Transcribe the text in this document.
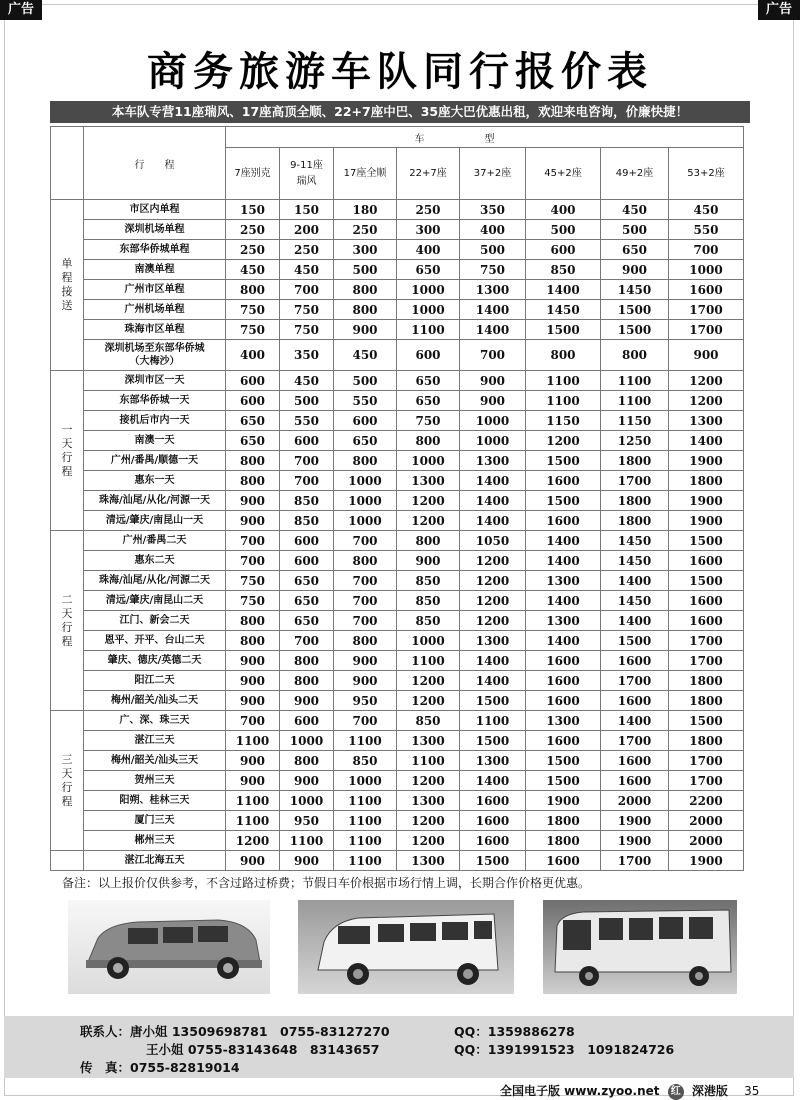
广告	广告
商务旅游车队同行报价表
本车队专营11座瑞风、17座高顶全顺、22+7座中巴、35座大巴优惠出租，欢迎来电咨询，价廉快捷！
	行　　程	车型							
		7座别克	9-11座
瑞风	17座全顺	22+7座	37+2座	45+2座	49+2座	53+2座
单程接送	市区内单程	150	150	180	250	350	400	450	450
	深圳机场单程	250	200	250	300	400	500	500	550
	东部华侨城单程	250	250	300	400	500	600	650	700
	南澳单程	450	450	500	650	750	850	900	1000
	广州市区单程	800	700	800	1000	1300	1400	1450	1600
	广州机场单程	750	750	800	1000	1400	1450	1500	1700
	珠海市区单程	750	750	900	1100	1400	1500	1500	1700
	深圳机场至东部华侨城
（大梅沙）	400	350	450	600	700	800	800	900
一天行程	深圳市区一天	600	450	500	650	900	1100	1100	1200
	东部华侨城一天	600	500	550	650	900	1100	1100	1200
	接机后市内一天	650	550	600	750	1000	1150	1150	1300
	南澳一天	650	600	650	800	1000	1200	1250	1400
	广州/番禺/顺德一天	800	700	800	1000	1300	1500	1800	1900
	惠东一天	800	700	1000	1300	1400	1600	1700	1800
	珠海/汕尾/从化/河源一天	900	850	1000	1200	1400	1500	1800	1900
	清远/肇庆/南昆山一天	900	850	1000	1200	1400	1600	1800	1900
二天行程	广州/番禺二天	700	600	700	800	1050	1400	1450	1500
	惠东二天	700	600	800	900	1200	1400	1450	1600
	珠海/汕尾/从化/河源二天	750	650	700	850	1200	1300	1400	1500
	清远/肇庆/南昆山二天	750	650	700	850	1200	1400	1450	1600
	江门、新会二天	800	650	700	850	1200	1300	1400	1600
	恩平、开平、台山二天	800	700	800	1000	1300	1400	1500	1700
	肇庆、德庆/英德二天	900	800	900	1100	1400	1600	1600	1700
	阳江二天	900	800	900	1200	1400	1600	1700	1800
	梅州/韶关/汕头二天	900	900	950	1200	1500	1600	1600	1800
三天行程	广、深、珠三天	700	600	700	850	1100	1300	1400	1500
	湛江三天	1100	1000	1100	1300	1500	1600	1700	1800
	梅州/韶关/汕头三天	900	800	850	1100	1300	1500	1600	1700
	贺州三天	900	900	1000	1200	1400	1500	1600	1700
	阳朔、桂林三天	1100	1000	1100	1300	1600	1900	2000	2200
	厦门三天	1100	950	1100	1200	1600	1800	1900	2000
	郴州三天	1200	1100	1100	1200	1600	1800	1900	2000
	湛江北海五天	900	900	1100	1300	1500	1600	1700	1900
备注：以上报价仅供参考，不含过路过桥费；节假日车价根据市场行情上调，长期合作价格更优惠。
联系人：唐小姐 13509698781　0755-83127270
王小姐 0755-83143648　83143657
传　真：0755-82819014
QQ：1359886278
QQ：1391991523　1091824726
全国电子版 www.zyoo.net 红 深港版 35
